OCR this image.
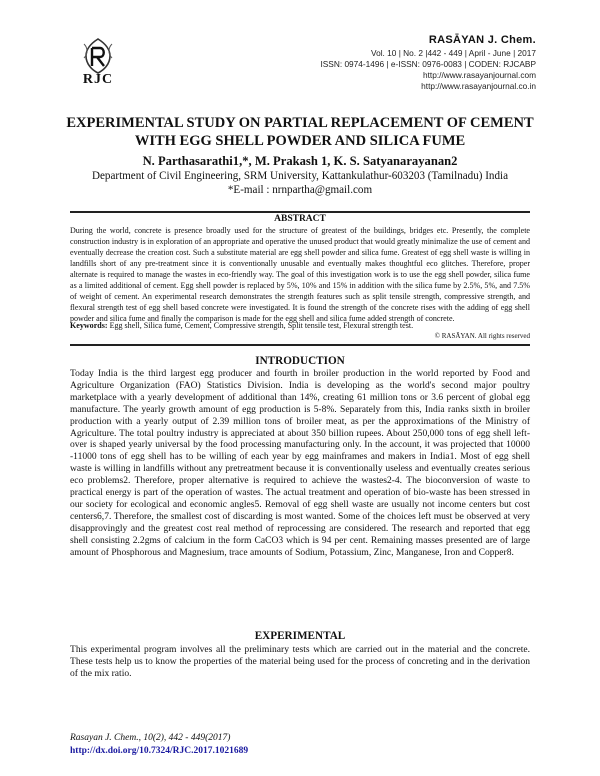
RJC
RASĀYAN J. Chem.
Vol. 10 | No. 2 |442 - 449 | April - June | 2017
ISSN: 0974-1496 | e-ISSN: 0976-0083 | CODEN: RJCABP
http://www.rasayanjournal.com
http://www.rasayanjournal.co.in
EXPERIMENTAL STUDY ON PARTIAL REPLACEMENT OF CEMENT WITH EGG SHELL POWDER AND SILICA FUME
N. Parthasarathi1,*, M. Prakash 1, K. S. Satyanarayanan2
Department of Civil Engineering, SRM University, Kattankulathur-603203 (Tamilnadu) India
*E-mail : nrnpartha@gmail.com
ABSTRACT
During the world, concrete is presence broadly used for the structure of greatest of the buildings, bridges etc. Presently, the complete construction industry is in exploration of an appropriate and operative the unused product that would greatly minimalize the use of cement and eventually decrease the creation cost. Such a substitute material are egg shell powder and silica fume. Greatest of egg shell waste is willing in landfills short of any pre-treatment since it is conventionally unusable and eventually makes thoughtful eco glitches. Therefore, proper alternate is required to manage the wastes in eco-friendly way. The goal of this investigation work is to use the egg shell powder, silica fume as a limited additional of cement. Egg shell powder is replaced by 5%, 10% and 15% in addition with the silica fume by 2.5%, 5%, and 7.5% of weight of cement. An experimental research demonstrates the strength features such as split tensile strength, compressive strength, and flexural strength test of egg shell based concrete were investigated. It is found the strength of the concrete rises with the adding of egg shell powder and silica fume and finally the comparison is made for the egg shell and silica fume added strength of concrete.
Keywords: Egg shell, Silica fume, Cement, Compressive strength, Split tensile test, Flexural strength test.
© RASĀYAN. All rights reserved
INTRODUCTION
Today India is the third largest egg producer and fourth in broiler production in the world reported by Food and Agriculture Organization (FAO) Statistics Division. India is developing as the world's second major poultry marketplace with a yearly development of additional than 14%, creating 61 million tons or 3.6 percent of global egg manufacture. The yearly growth amount of egg production is 5-8%. Separately from this, India ranks sixth in broiler production with a yearly output of 2.39 million tons of broiler meat, as per the approximations of the Ministry of Agriculture. The total poultry industry is appreciated at about 350 billion rupees. About 250,000 tons of egg shell left-over is shaped yearly universal by the food processing manufacturing only. In the account, it was projected that 10000 -11000 tons of egg shell has to be willing of each year by egg mainframes and makers in India1. Most of egg shell waste is willing in landfills without any pretreatment because it is conventionally useless and eventually creates serious eco problems2. Therefore, proper alternative is required to achieve the wastes2-4. The bioconversion of waste to practical energy is part of the operation of wastes. The actual treatment and operation of bio-waste has been stressed in our society for ecological and economic angles5. Removal of egg shell waste are usually not income centers but cost centers6,7. Therefore, the smallest cost of discarding is most wanted. Some of the choices left must be observed at very disapprovingly and the greatest cost real method of reprocessing are considered. The research and reported that egg shell consisting 2.2gms of calcium in the form CaCO3 which is 94 per cent. Remaining masses presented are of large amount of Phosphorous and Magnesium, trace amounts of Sodium, Potassium, Zinc, Manganese, Iron and Copper8.
EXPERIMENTAL
This experimental program involves all the preliminary tests which are carried out in the material and the concrete. These tests help us to know the properties of the material being used for the process of concreting and in the derivation of the mix ratio.
Rasayan J. Chem., 10(2), 442 - 449(2017)
http://dx.doi.org/10.7324/RJC.2017.1021689
